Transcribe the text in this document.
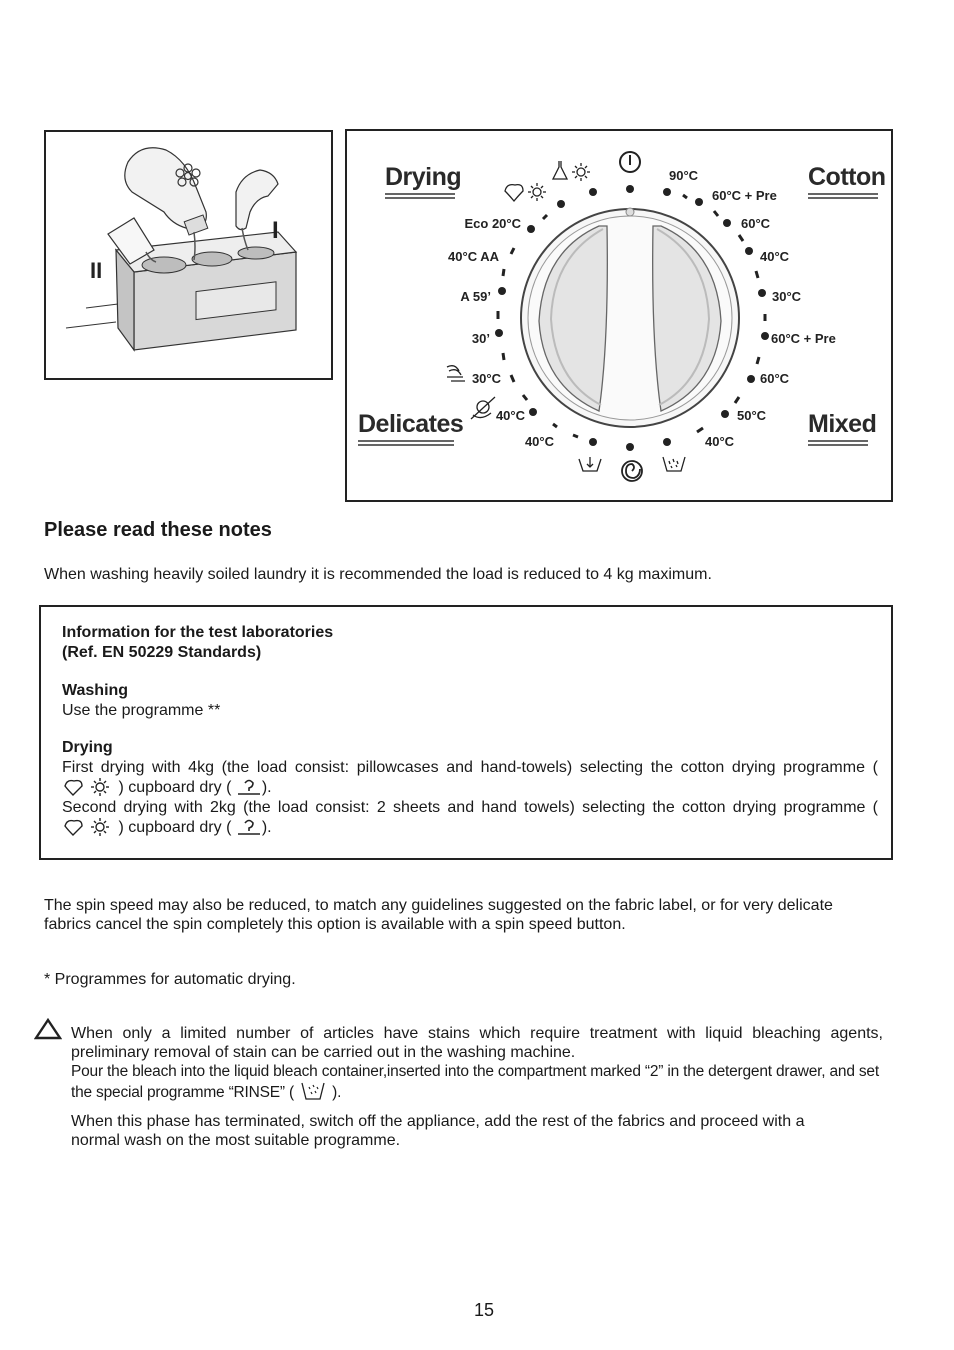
II
I
Drying	Cotton
Delicates	Mixed
90°C
60°C + Pre
60°C
40°C
30°C
60°C + Pre
60°C
50°C
40°C
Eco 20°C
40°C AA
A 59’
30’
30°C
40°C
40°C
Please read these notes
When washing heavily soiled laundry it is recommended the load is reduced to 4 kg maximum.
Information for the test laboratories
(Ref. EN 50229 Standards)
Washing
Use the programme **
Drying
First drying with 4kg (the load consist: pillowcases and hand-towels) selecting the cotton drying programme (  ) cupboard dry ( ).
Second drying with 2kg (the load consist: 2 sheets and hand towels) selecting the cotton drying programme (  ) cupboard dry ( ).
The spin speed may also be reduced, to match any guidelines suggested on the fabric label, or for very delicate fabrics cancel the spin completely this option is available with a spin speed button.
* Programmes for automatic drying.
When only a limited number of articles have stains which require treatment with liquid bleaching agents, preliminary removal of stain can be carried out in the washing machine.
Pour the bleach into the liquid bleach container,inserted into the compartment marked “2” in the detergent drawer, and set the special programme “RINSE” ( ).
When this phase has terminated, switch off the appliance, add the rest of the fabrics and proceed with a normal wash on the most suitable programme.
15
